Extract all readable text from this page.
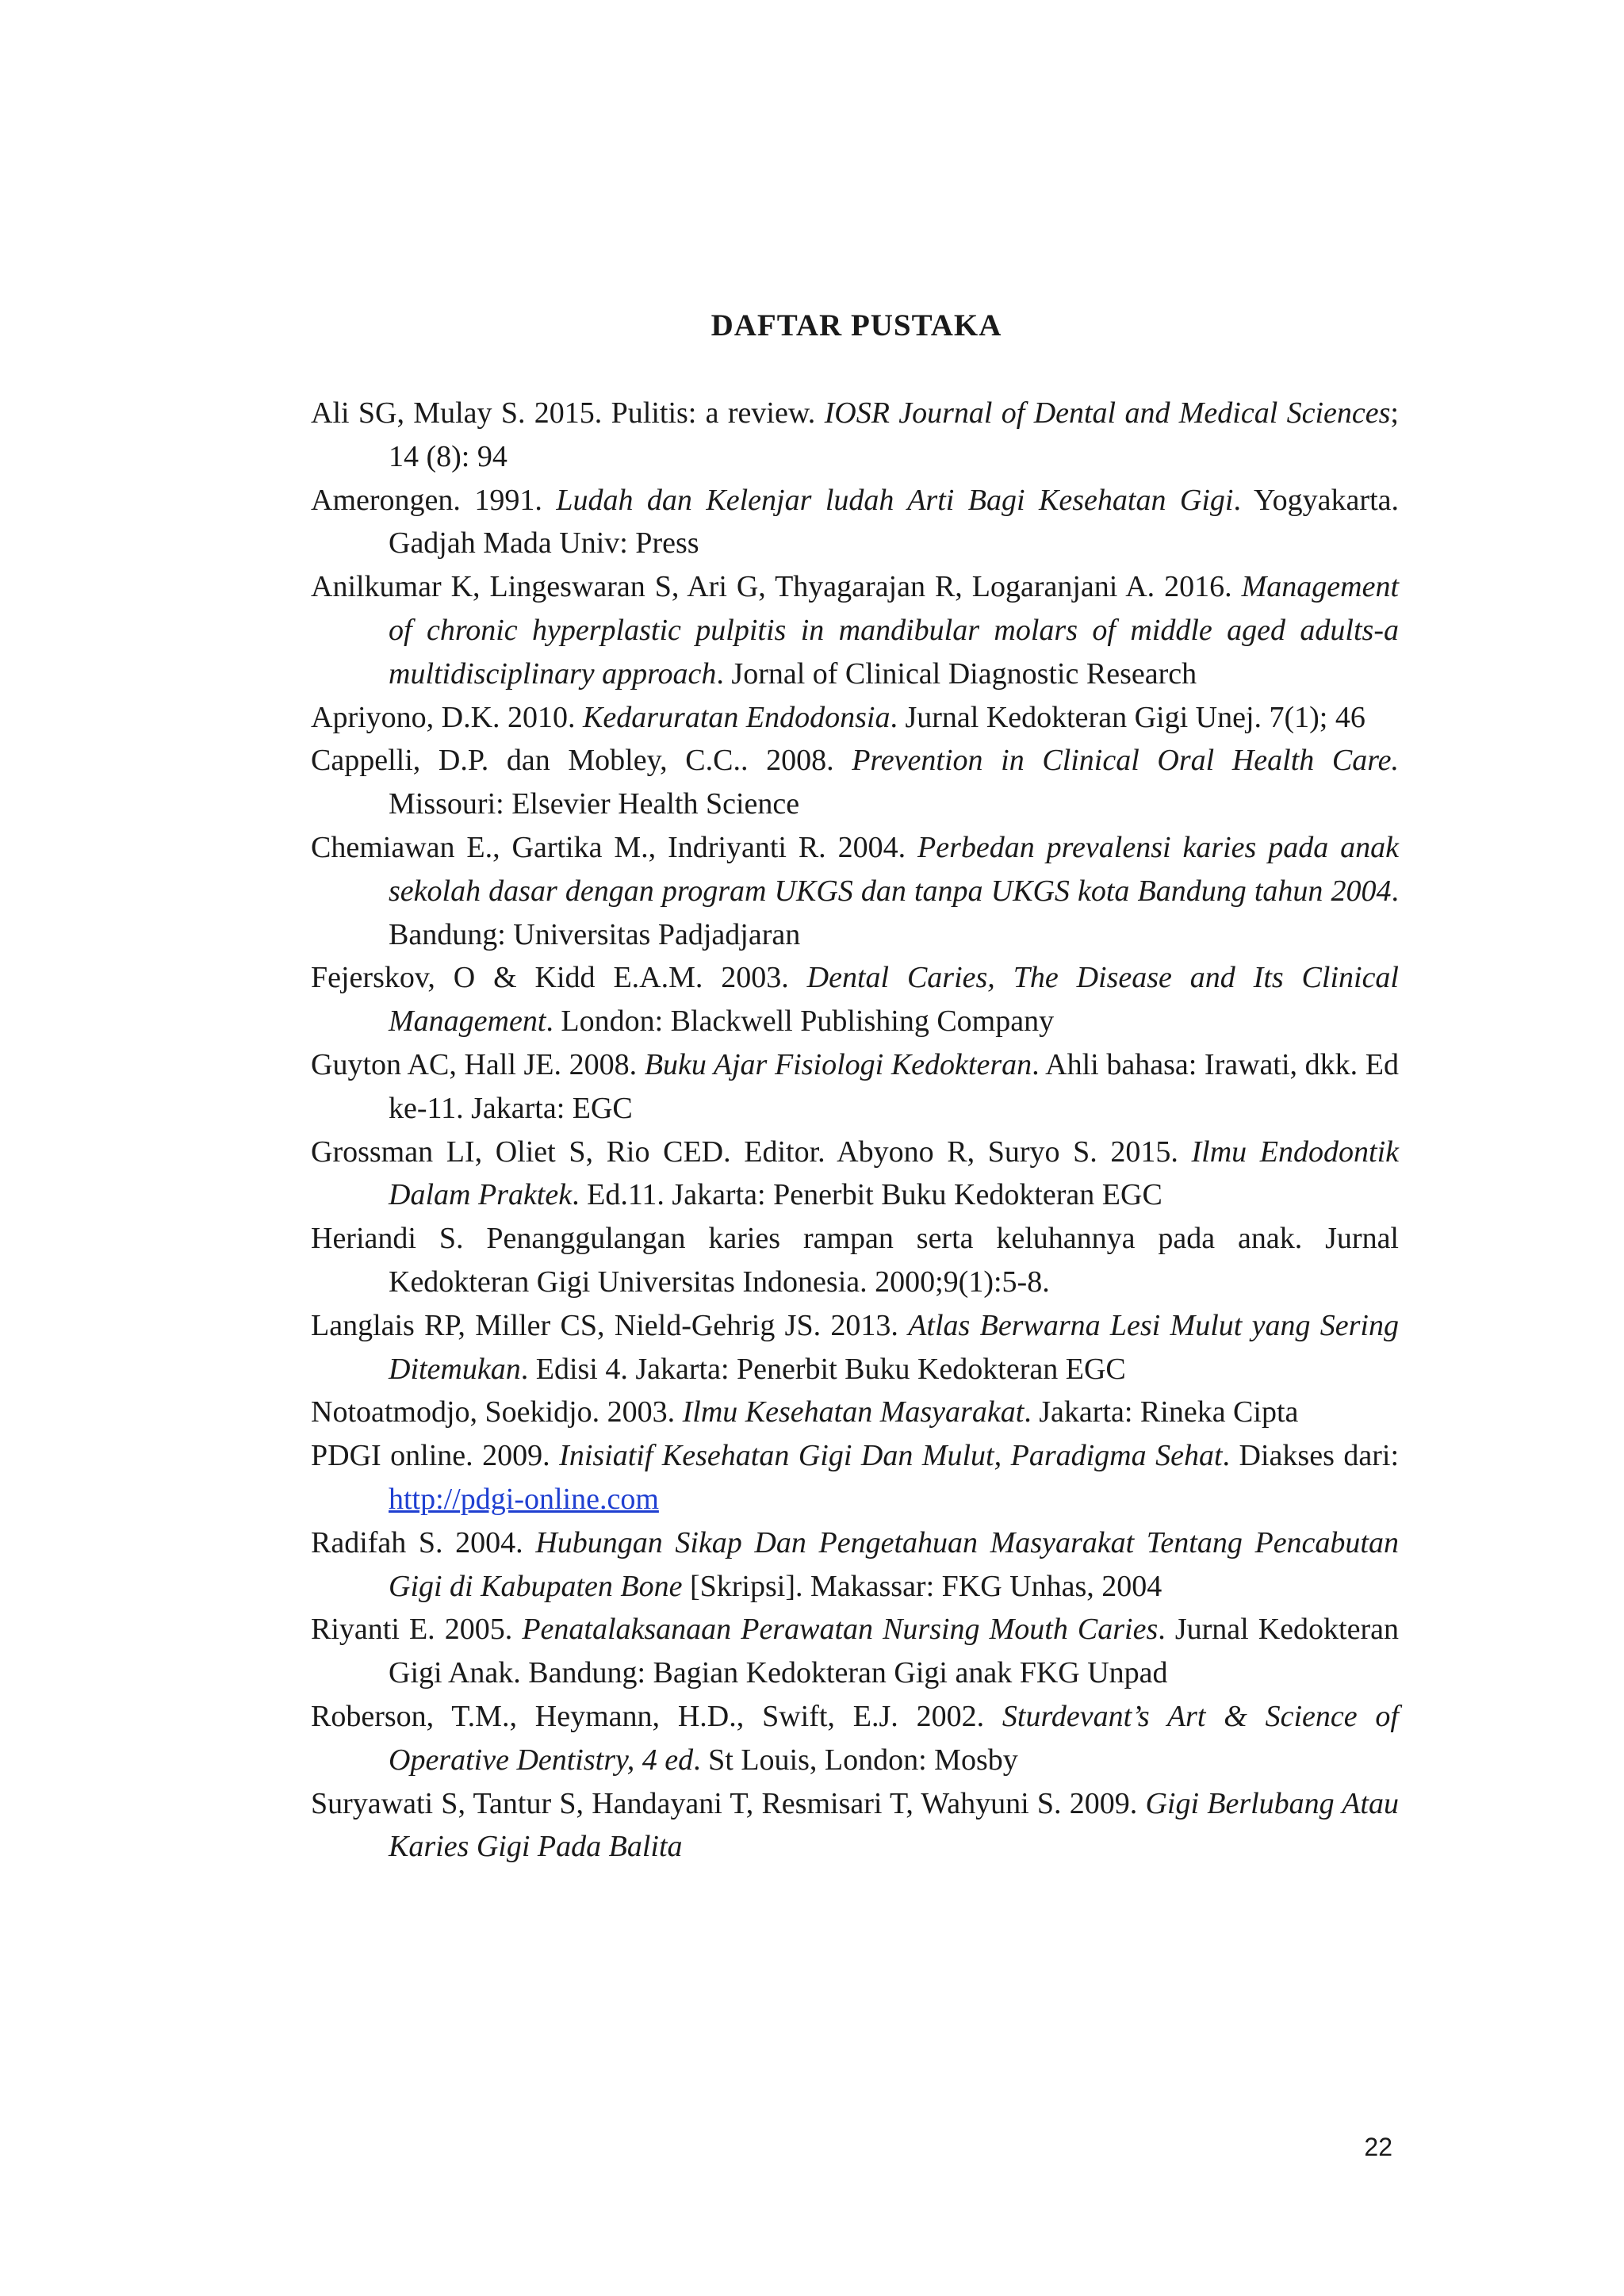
DAFTAR PUSTAKA

Ali SG, Mulay S. 2015. Pulitis: a review. IOSR Journal of Dental and Medical Sciences; 14 (8): 94

Amerongen. 1991. Ludah dan Kelenjar ludah Arti Bagi Kesehatan Gigi. Yogyakarta. Gadjah Mada Univ: Press

Anilkumar K, Lingeswaran S, Ari G, Thyagarajan R, Logaranjani A. 2016. Management of chronic hyperplastic pulpitis in mandibular molars of middle aged adults-a multidisciplinary approach. Jornal of Clinical Diagnostic Research

Apriyono, D.K. 2010. Kedaruratan Endodonsia. Jurnal Kedokteran Gigi Unej. 7(1); 46

Cappelli, D.P. dan Mobley, C.C.. 2008. Prevention in Clinical Oral Health Care. Missouri: Elsevier Health Science

Chemiawan E., Gartika M., Indriyanti R. 2004. Perbedan prevalensi karies pada anak sekolah dasar dengan program UKGS dan tanpa UKGS kota Bandung tahun 2004. Bandung: Universitas Padjadjaran

Fejerskov, O & Kidd E.A.M. 2003. Dental Caries, The Disease and Its Clinical Management. London: Blackwell Publishing Company

Guyton AC, Hall JE. 2008. Buku Ajar Fisiologi Kedokteran. Ahli bahasa: Irawati, dkk. Ed ke-11. Jakarta: EGC

Grossman LI, Oliet S, Rio CED. Editor. Abyono R, Suryo S. 2015. Ilmu Endodontik Dalam Praktek. Ed.11. Jakarta: Penerbit Buku Kedokteran EGC

Heriandi S. Penanggulangan karies rampan serta keluhannya pada anak. Jurnal Kedokteran Gigi Universitas Indonesia. 2000;9(1):5-8.

Langlais RP, Miller CS, Nield-Gehrig JS. 2013. Atlas Berwarna Lesi Mulut yang Sering Ditemukan. Edisi 4. Jakarta: Penerbit Buku Kedokteran EGC

Notoatmodjo, Soekidjo. 2003. Ilmu Kesehatan Masyarakat. Jakarta: Rineka Cipta

PDGI online. 2009. Inisiatif Kesehatan Gigi Dan Mulut, Paradigma Sehat. Diakses dari: http://pdgi-online.com

Radifah S. 2004. Hubungan Sikap Dan Pengetahuan Masyarakat Tentang Pencabutan Gigi di Kabupaten Bone [Skripsi]. Makassar: FKG Unhas, 2004

Riyanti E. 2005. Penatalaksanaan Perawatan Nursing Mouth Caries. Jurnal Kedokteran Gigi Anak. Bandung: Bagian Kedokteran Gigi anak FKG Unpad

Roberson, T.M., Heymann, H.D., Swift, E.J. 2002. Sturdevant’s Art & Science of Operative Dentistry, 4 ed. St Louis, London: Mosby

Suryawati S, Tantur S, Handayani T, Resmisari T, Wahyuni S. 2009. Gigi Berlubang Atau Karies Gigi Pada Balita

22
